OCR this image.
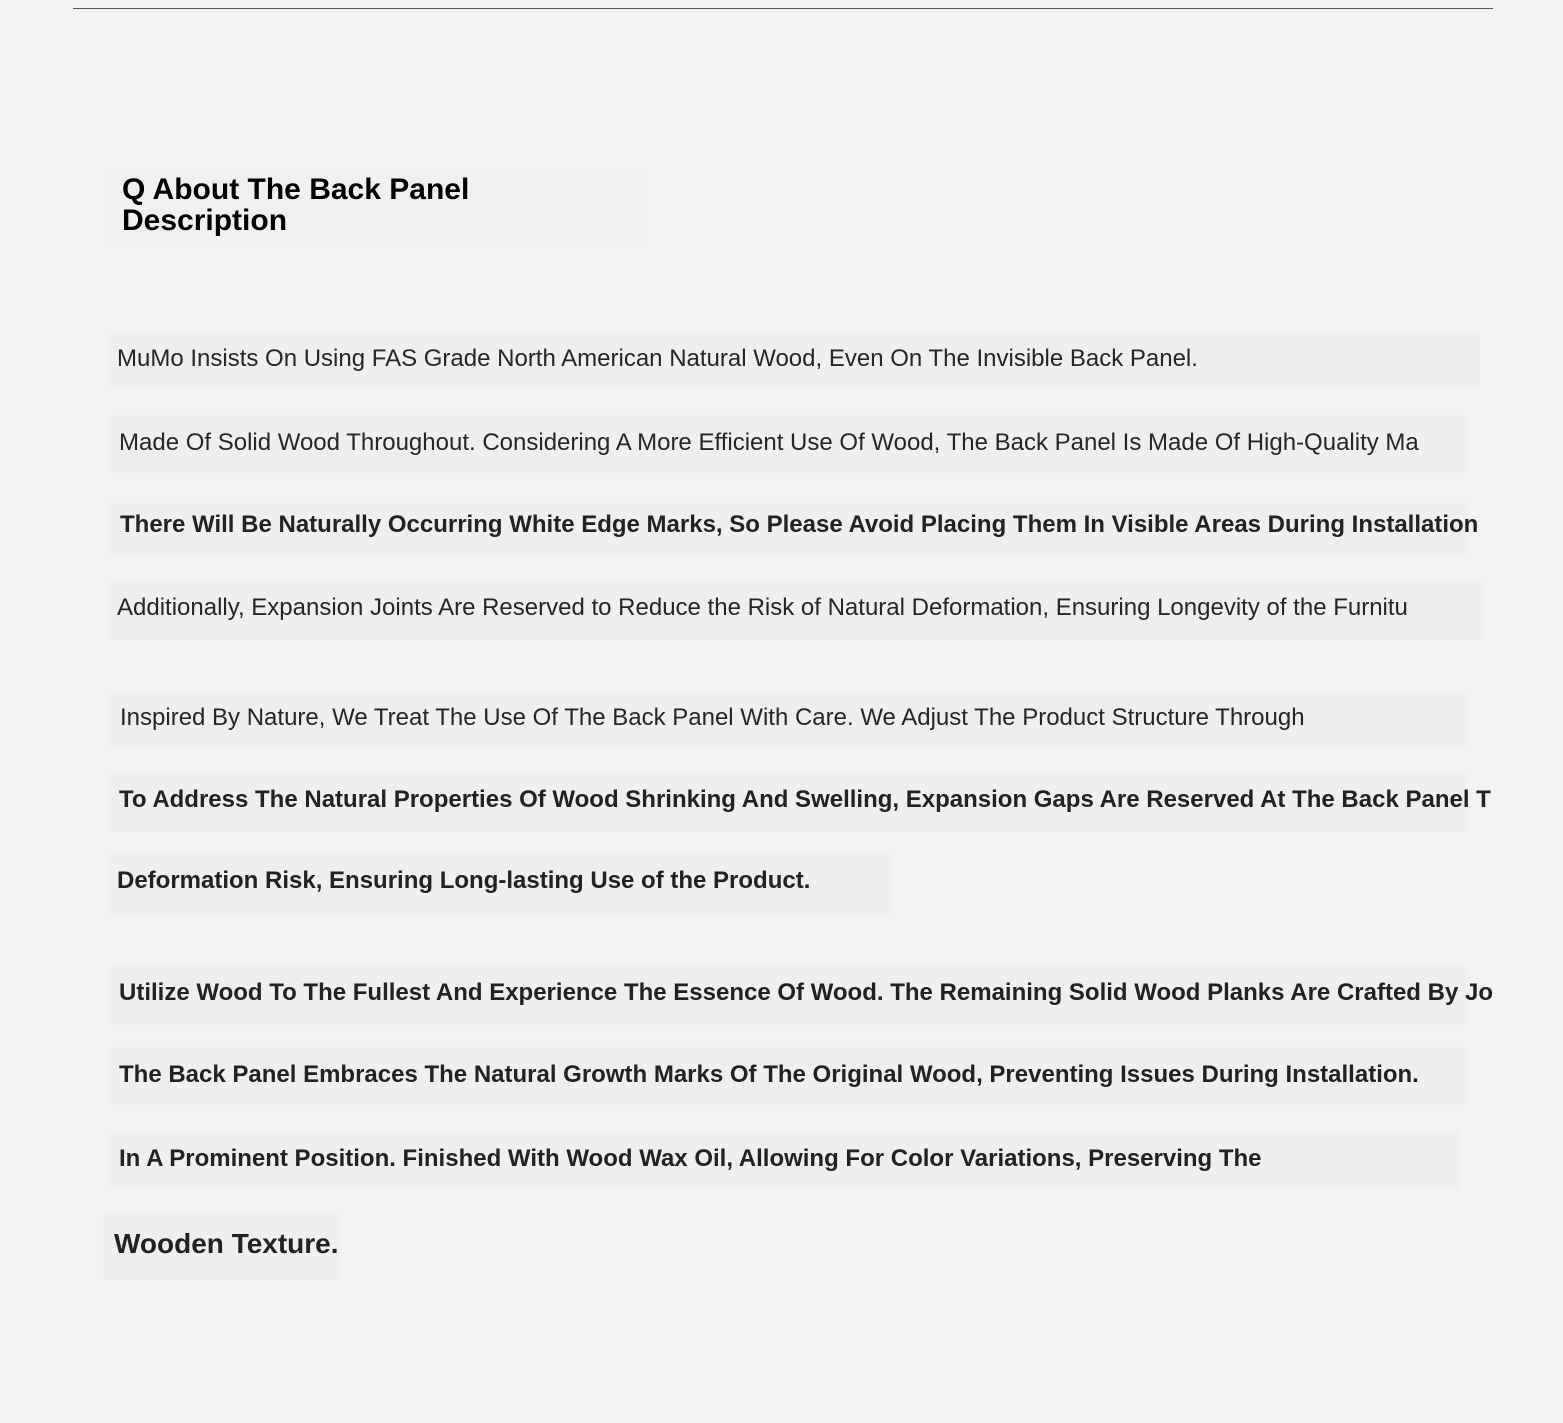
Q About The Back Panel Description

MuMo Insists On Using FAS Grade North American Natural Wood, Even On The Invisible Back Panel.

Made Of Solid Wood Throughout. Considering A More Efficient Use Of Wood, The Back Panel Is Made Of High-Quality Ma

There Will Be Naturally Occurring White Edge Marks, So Please Avoid Placing Them In Visible Areas During Installation

Additionally, Expansion Joints Are Reserved to Reduce the Risk of Natural Deformation, Ensuring Longevity of the Furnitu

Inspired By Nature, We Treat The Use Of The Back Panel With Care. We Adjust The Product Structure Through

To Address The Natural Properties Of Wood Shrinking And Swelling, Expansion Gaps Are Reserved At The Back Panel T

Deformation Risk, Ensuring Long-lasting Use of the Product.

Utilize Wood To The Fullest And Experience The Essence Of Wood. The Remaining Solid Wood Planks Are Crafted By Jo

The Back Panel Embraces The Natural Growth Marks Of The Original Wood, Preventing Issues During Installation.

In A Prominent Position. Finished With Wood Wax Oil, Allowing For Color Variations, Preserving The

Wooden Texture.
